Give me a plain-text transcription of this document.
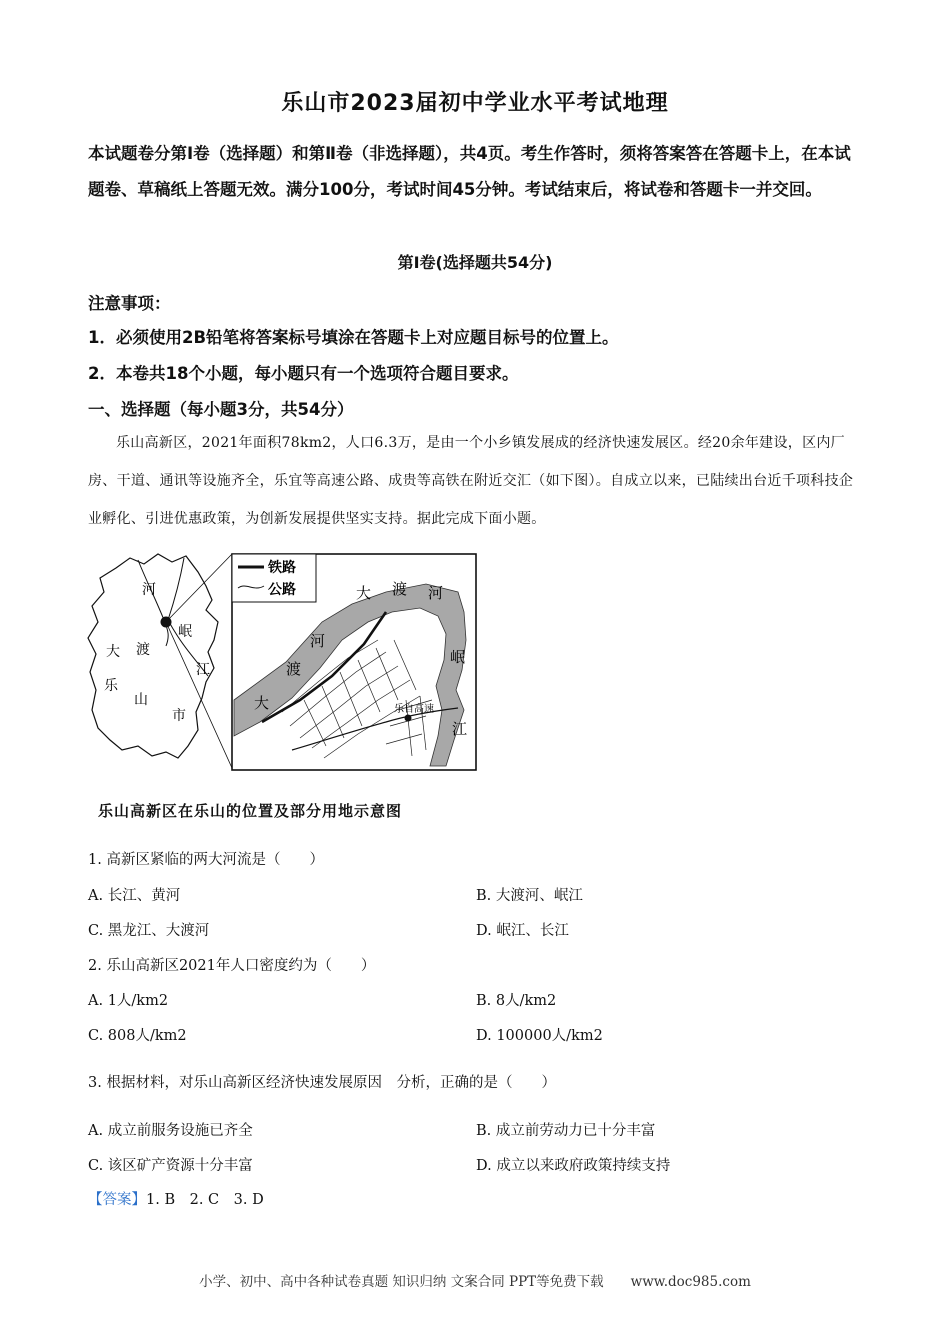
乐山市2023届初中学业水平考试地理
本试题卷分第Ⅰ卷（选择题）和第Ⅱ卷（非选择题），共4页。考生作答时，须将答案答在答题卡上，在本试题卷、草稿纸上答题无效。满分100分，考试时间45分钟。考试结束后，将试卷和答题卡一并交回。
第Ⅰ卷(选择题共54分)
注意事项：
1．必须使用2B铅笔将答案标号填涂在答题卡上对应题目标号的位置上。
2．本卷共18个小题，每小题只有一个选项符合题目要求。
一、选择题（每小题3分，共54分）
乐山高新区，2021年面积78km2，人口6.3万，是由一个小乡镇发展成的经济快速发展区。经20余年建设，区内厂房、干道、通讯等设施齐全，乐宜等高速公路、成贵等高铁在附近交汇（如下图）。自成立以来，已陆续出台近千项科技企业孵化、引进优惠政策，为创新发展提供坚实支持。据此完成下面小题。
河
大 渡
岷
江
乐
山
市
铁路
公路	大 渡 河
河
渡
大
岷
江
乐自高速
乐山高新区在乐山的位置及部分用地示意图
1. 高新区紧临的两大河流是（　　）
A. 长江、黄河	B. 大渡河、岷江
C. 黑龙江、大渡河	D. 岷江、长江
2. 乐山高新区2021年人口密度约为（　　）
A. 1人/km2	B. 8人/km2
C. 808人/km2	D. 100000人/km2
3. 根据材料，对乐山高新区经济快速发展原因　分析，正确的是（　　）
A. 成立前服务设施已齐全	B. 成立前劳动力已十分丰富
C. 该区矿产资源十分丰富	D. 成立以来政府政策持续支持
【答案】1. B　2. C　3. D
小学、初中、高中各种试卷真题 知识归纳 文案合同 PPT等免费下载　　www.doc985.com
